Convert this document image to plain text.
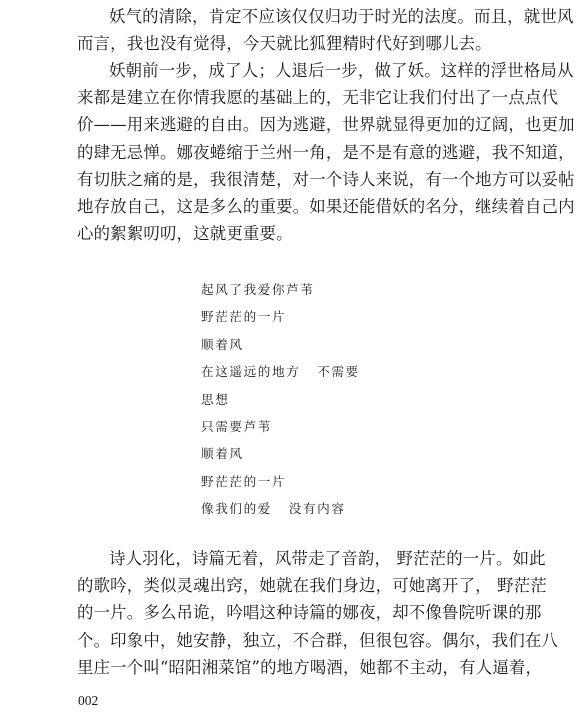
妖气的清除，肯定不应该仅仅归功于时光的法度。而且，就世风
而言，我也没有觉得，今天就比狐狸精时代好到哪儿去。
妖朝前一步，成了人；人退后一步，做了妖。这样的浮世格局从
来都是建立在你情我愿的基础上的，无非它让我们付出了一点点代
价——用来逃避的自由。因为逃避，世界就显得更加的辽阔，也更加
的肆无忌惮。娜夜蜷缩于兰州一角，是不是有意的逃避，我不知道，
有切肤之痛的是，我很清楚，对一个诗人来说，有一个地方可以妥帖
地存放自己，这是多么的重要。如果还能借妖的名分，继续着自己内
心的絮絮叨叨，这就更重要。
起风了我爱你芦苇
野茫茫的一片
顺着风
在这遥远的地方   不需要
思想
只需要芦苇
顺着风
野茫茫的一片
像我们的爱   没有内容
诗人羽化，诗篇无着，风带走了音韵， 野茫茫的一片。如此
的歌吟，类似灵魂出窍，她就在我们身边，可她离开了， 野茫茫
的一片。多么吊诡，吟唱这种诗篇的娜夜，却不像鲁院听课的那
个。印象中，她安静，独立，不合群，但很包容。偶尔，我们在八
里庄一个叫“昭阳湘菜馆”的地方喝酒，她都不主动，有人逼着，
002
